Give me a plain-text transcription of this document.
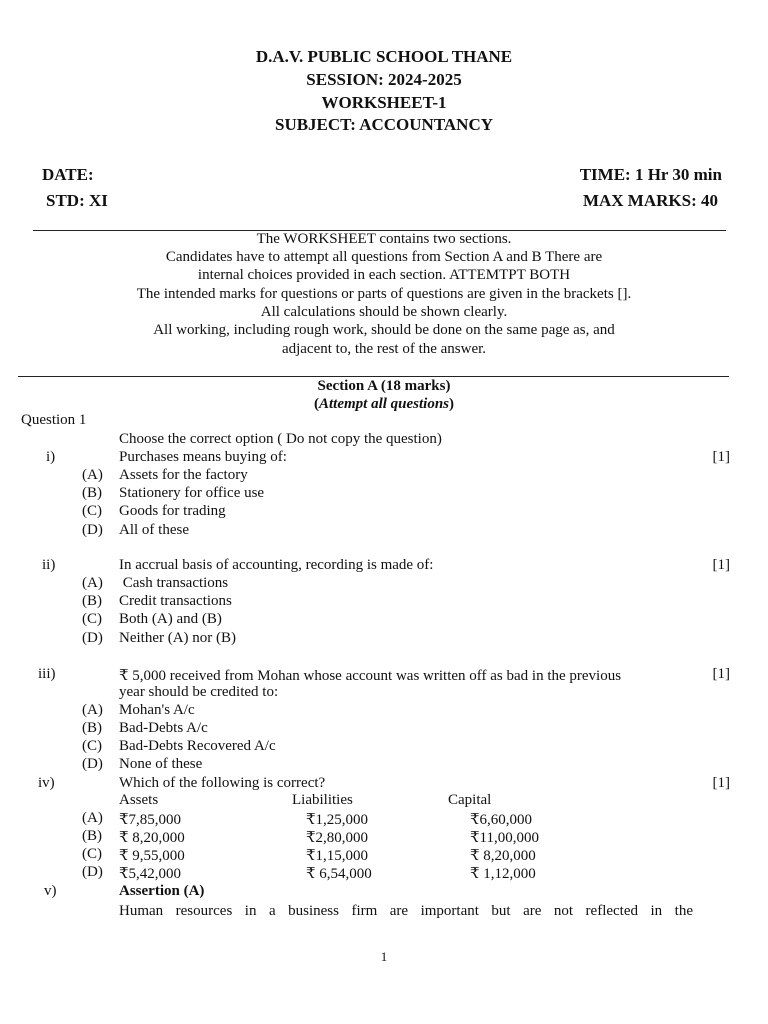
D.A.V. PUBLIC SCHOOL THANE
SESSION: 2024-2025
WORKSHEET-1
SUBJECT: ACCOUNTANCY
DATE:	TIME: 1 Hr 30 min
STD: XI	MAX MARKS: 40
The WORKSHEET contains two sections.
Candidates have to attempt all questions from Section A and B There are
internal choices provided in each section. ATTEMTPT BOTH
The intended marks for questions or parts of questions are given in the brackets [].
All calculations should be shown clearly.
All working, including rough work, should be done on the same page as, and
adjacent to, the rest of the answer.
Section A (18 marks)
(Attempt all questions)
Question 1
Choose the correct option ( Do not copy the question)
i)	Purchases means buying of:	[1]
(A) Assets for the factory
(B) Stationery for office use
(C) Goods for trading
(D) All of these
ii)	In accrual basis of accounting, recording is made of:	[1]
(A) Cash transactions
(B) Credit transactions
(C) Both (A) and (B)
(D) Neither (A) nor (B)
iii)	₹ 5,000 received from Mohan whose account was written off as bad in the previous
year should be credited to:
[1]
(A) Mohan's A/c
(B) Bad-Debts A/c
(C) Bad-Debts Recovered A/c
(D) None of these
iv)	Which of the following is correct?	[1]
Assets	Liabilities	Capital
(A) ₹7,85,000	₹1,25,000	₹6,60,000
(B) ₹ 8,20,000	₹2,80,000	₹11,00,000
(C) ₹ 9,55,000	₹1,15,000	₹ 8,20,000
(D) ₹5,42,000	₹ 6,54,000	₹ 1,12,000
v)	Assertion (A)
Human resources in a business firm are important but are not reflected in the
1
